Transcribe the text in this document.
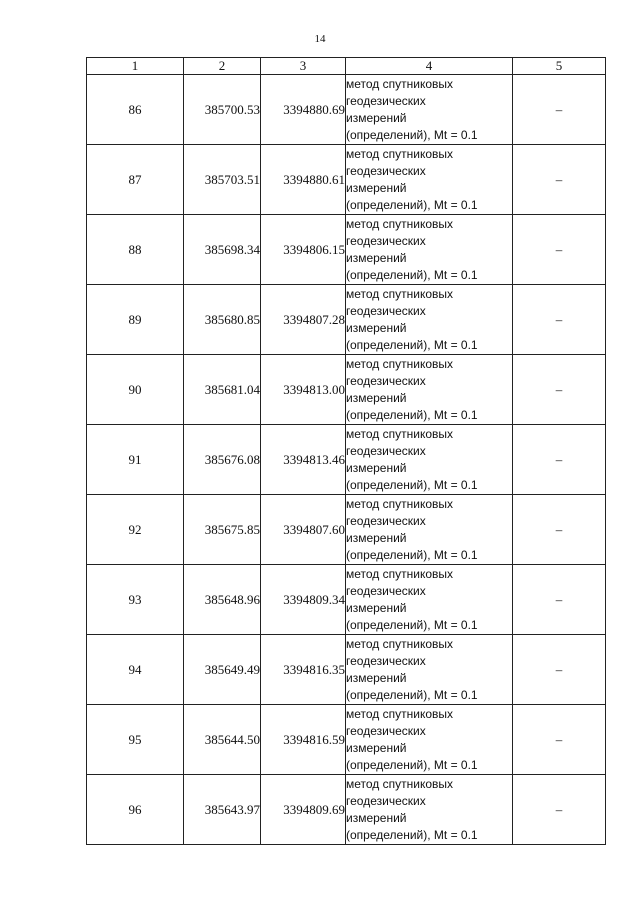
14
1	2	3	4	5
86	385700.53	3394880.69	метод спутниковых
геодезических
измерений
(определений), Mt = 0.1	–
87	385703.51	3394880.61	метод спутниковых
геодезических
измерений
(определений), Mt = 0.1	–
88	385698.34	3394806.15	метод спутниковых
геодезических
измерений
(определений), Mt = 0.1	–
89	385680.85	3394807.28	метод спутниковых
геодезических
измерений
(определений), Mt = 0.1	–
90	385681.04	3394813.00	метод спутниковых
геодезических
измерений
(определений), Mt = 0.1	–
91	385676.08	3394813.46	метод спутниковых
геодезических
измерений
(определений), Mt = 0.1	–
92	385675.85	3394807.60	метод спутниковых
геодезических
измерений
(определений), Mt = 0.1	–
93	385648.96	3394809.34	метод спутниковых
геодезических
измерений
(определений), Mt = 0.1	–
94	385649.49	3394816.35	метод спутниковых
геодезических
измерений
(определений), Mt = 0.1	–
95	385644.50	3394816.59	метод спутниковых
геодезических
измерений
(определений), Mt = 0.1	–
96	385643.97	3394809.69	метод спутниковых
геодезических
измерений
(определений), Mt = 0.1	–
